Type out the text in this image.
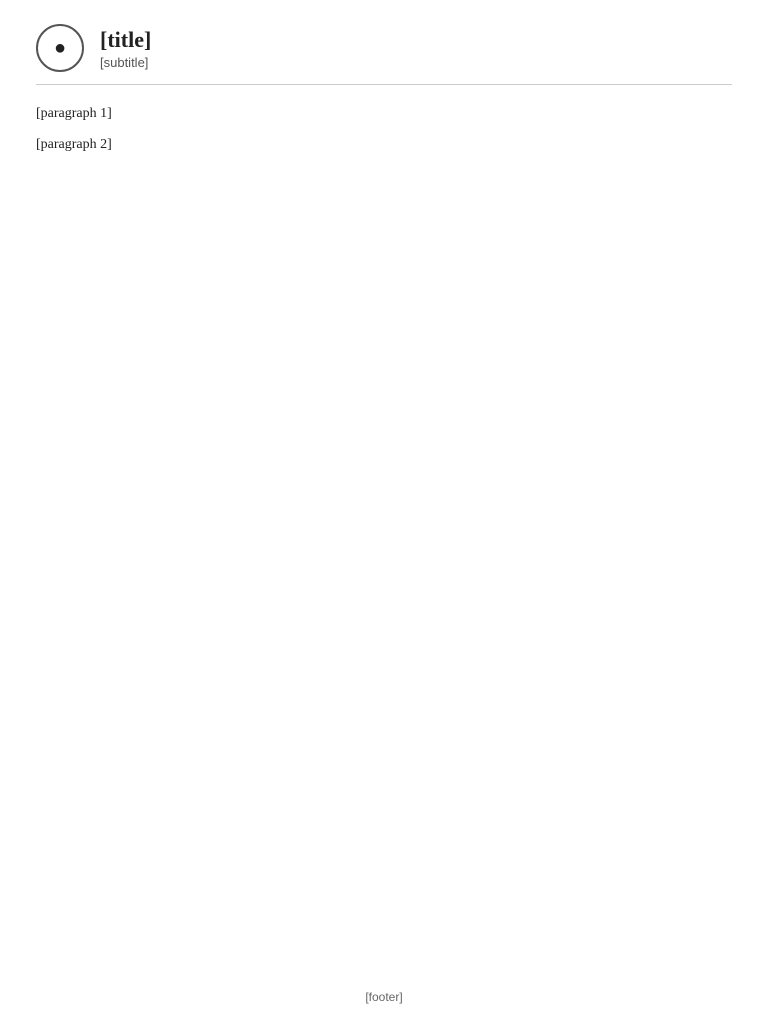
●	[title]

[subtitle]

[paragraph 1]

[paragraph 2]

[footer]
